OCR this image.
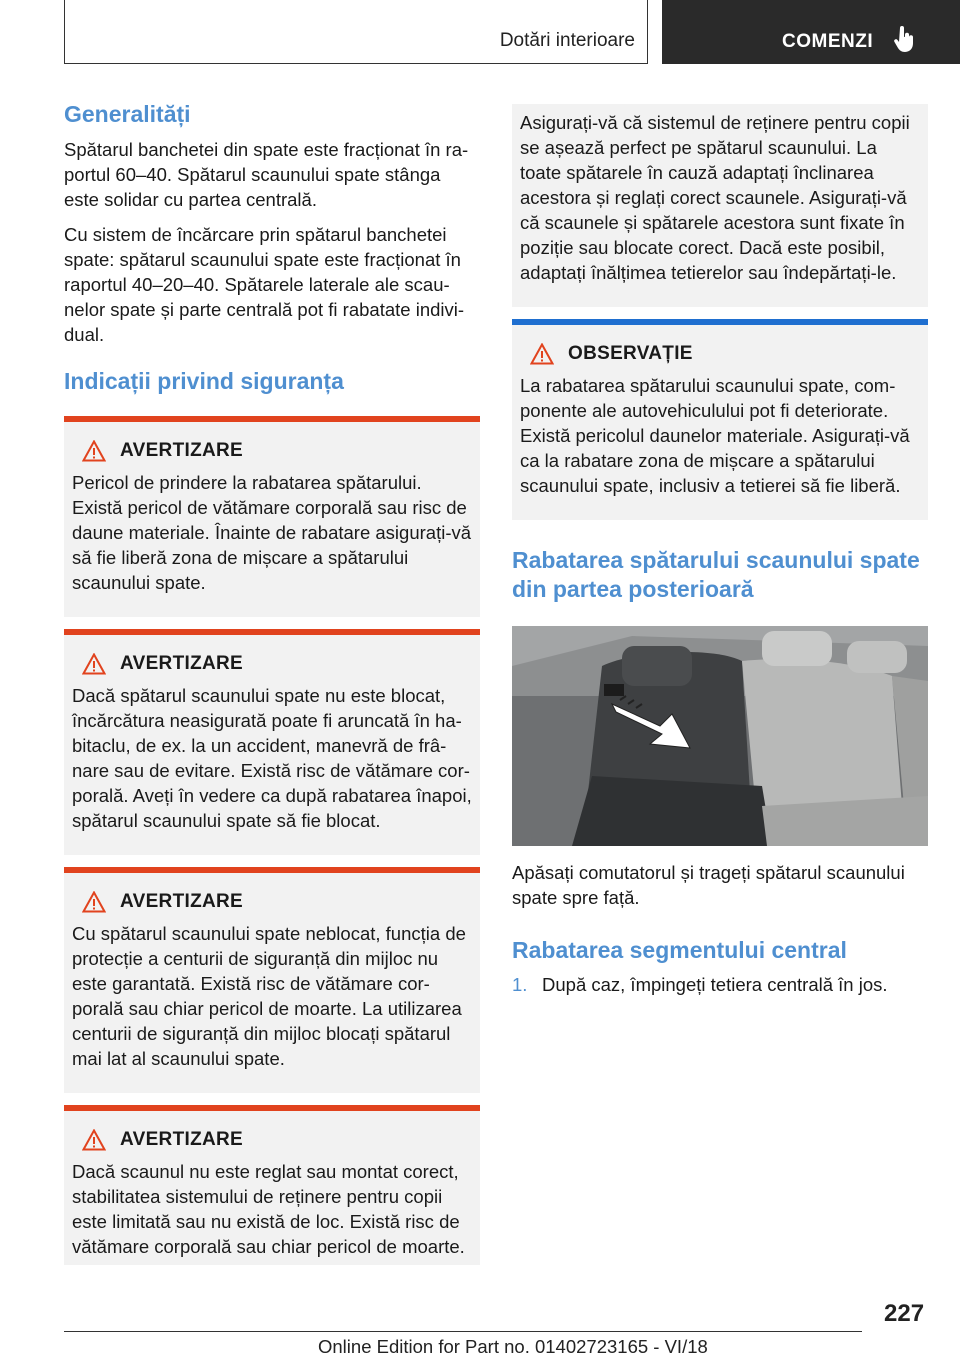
Dotări interioare	COMENZI
Generalități

Spătarul banchetei din spate este fracționat în raportul 60–40. Spătarul scaunului spate stânga este solidar cu partea centrală.

Cu sistem de încărcare prin spătarul banchetei spate: spătarul scaunului spate este fracționat în raportul 40–20–40. Spătarele laterale ale scaunelor spate și parte centrală pot fi rabatate individual.

Indicații privind siguranța
AVERTIZARE

Pericol de prindere la rabatarea spătarului. Există pericol de vătămare corporală sau risc de daune materiale. Înainte de rabatare asigurați-vă să fie liberă zona de mișcare a spătarului scaunului spate.

AVERTIZARE

Dacă spătarul scaunului spate nu este blocat, încărcătura neasigurată poate fi aruncată în habitaclu, de ex. la un accident, manevră de frânare sau de evitare. Există risc de vătămare corporală. Aveți în vedere ca după rabatarea înapoi, spătarul scaunului spate să fie blocat.

AVERTIZARE

Cu spătarul scaunului spate neblocat, funcția de protecție a centurii de siguranță din mijloc nu este garantată. Există risc de vătămare corporală sau chiar pericol de moarte. La utilizarea centurii de siguranță din mijloc blocați spătarul mai lat al scaunului spate.

AVERTIZARE

Dacă scaunul nu este reglat sau montat corect, stabilitatea sistemului de reținere pentru copii este limitată sau nu există de loc. Există risc de vătămare corporală sau chiar pericol de moarte.

Asigurați-vă că sistemul de reținere pentru copii se așează perfect pe spătarul scaunului. La toate spătarele în cauză adaptați înclinarea acestora și reglați corect scaunele. Asigurați-vă că scaunele și spătarele acestora sunt fixate în poziție sau blocate corect. Dacă este posibil, adaptați înălțimea tetierelor sau îndepărtați-le.

OBSERVAȚIE

La rabatarea spătarului scaunului spate, componente ale autovehiculului pot fi deteriorate. Există pericolul daunelor materiale. Asigurați-vă ca la rabatare zona de mișcare a spătarului scaunului spate, inclusiv a tetierei să fie liberă.

Rabatarea spătarului scaunului spate din partea posterioară

Apăsați comutatorul și trageți spătarul scaunului spate spre față.

Rabatarea segmentului central
1. După caz, împingeți tetiera centrală în jos.
227
Online Edition for Part no. 01402723165 - VI/18
